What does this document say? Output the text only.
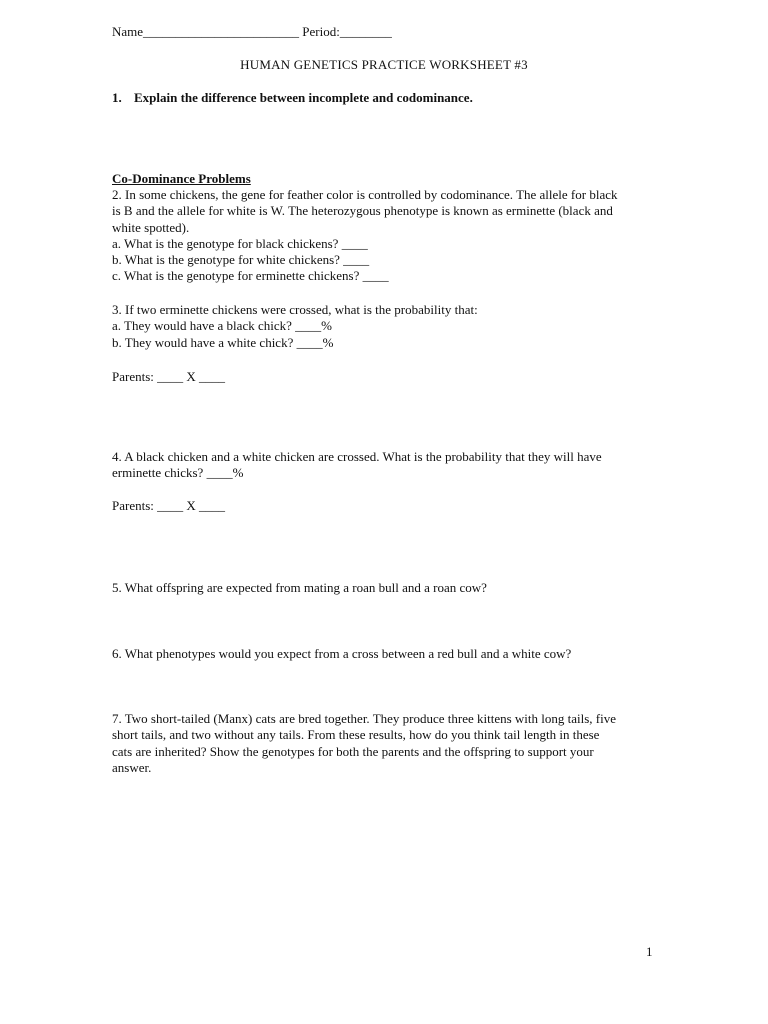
Name________________________ Period:________
HUMAN GENETICS PRACTICE WORKSHEET #3
1. Explain the difference between incomplete and codominance.
Co-Dominance Problems
2. In some chickens, the gene for feather color is controlled by codominance. The allele for black
is B and the allele for white is W. The heterozygous phenotype is known as erminette (black and
white spotted).
a. What is the genotype for black chickens? ____
b. What is the genotype for white chickens? ____
c. What is the genotype for erminette chickens? ____
3. If two erminette chickens were crossed, what is the probability that:
a. They would have a black chick? ____%
b. They would have a white chick? ____%
Parents: ____ X ____
4. A black chicken and a white chicken are crossed. What is the probability that they will have
erminette chicks? ____%
Parents: ____ X ____
5. What offspring are expected from mating a roan bull and a roan cow?
6. What phenotypes would you expect from a cross between a red bull and a white cow?
7. Two short-tailed (Manx) cats are bred together. They produce three kittens with long tails, five
short tails, and two without any tails. From these results, how do you think tail length in these
cats are inherited? Show the genotypes for both the parents and the offspring to support your
answer.
1
